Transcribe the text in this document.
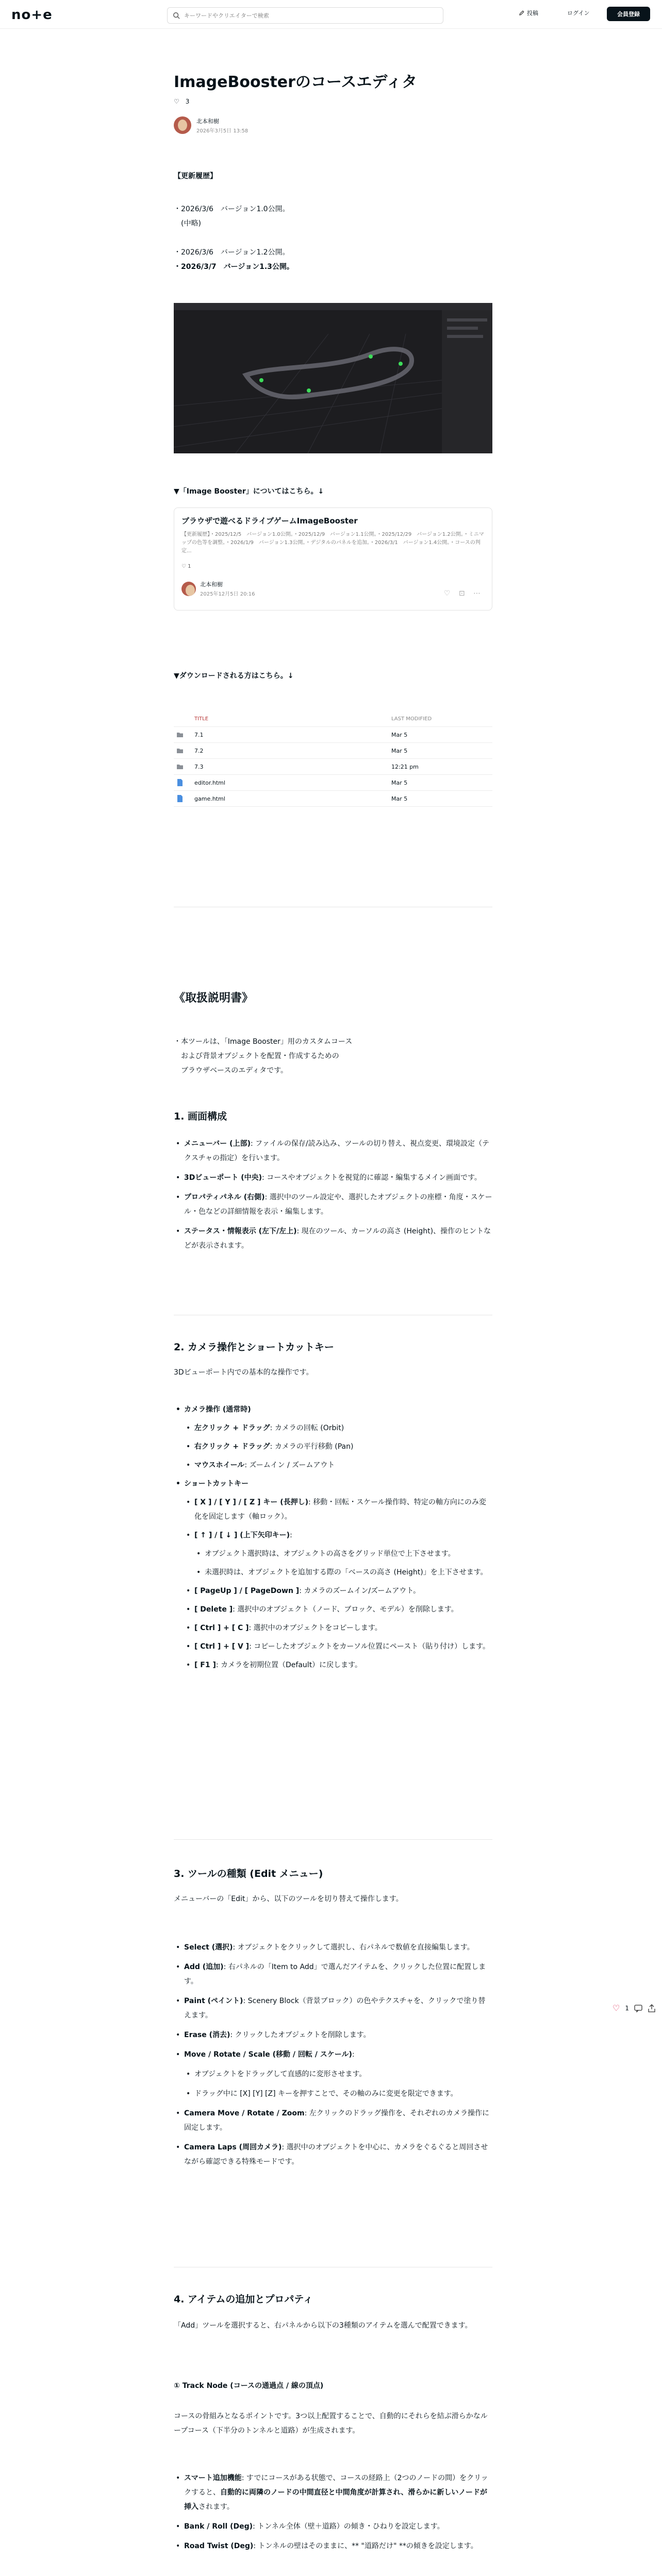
no+e
キーワードやクリエイターで検索	投稿	ログイン	会員登録
ImageBoosterのコースエディタ
♡ 3
北本和樹
2026年3月5日 13:58
【更新履歴】
・2026/3/6　バージョン1.0公開。
　(中略)
・2026/3/6　バージョン1.2公開。
・2026/3/7　バージョン1.3公開。
▼「Image Booster」についてはこちら。↓
ブラウザで遊べるドライブゲームImageBooster
【更新履歴】・2025/12/5　バージョン1.0公開。・2025/12/9　バージョン1.1公開。・2025/12/29　バージョン1.2公開。・ミニマップの色等を調整。・2026/1/9　バージョン1.3公開。・デジタルのパネルを追加。・2026/3/1　バージョン1.4公開。・コースの判定...
♡ 1
北本和樹
2025年12月5日 20:16	♡ ⊡ ⋯
▼ダウンロードされる方はこちら。↓
TITLE	LAST MODIFIED
7.1	Mar 5
7.2	Mar 5
7.3	12:21 pm
editor.html	Mar 5
game.html	Mar 5
《取扱説明書》
・本ツールは、「Image Booster」用のカスタムコース
　および背景オブジェクトを配置・作成するための
　ブラウザベースのエディタです。
1. 画面構成
• メニューバー (上部): ファイルの保存/読み込み、ツールの切り替え、視点変更、環境設定（テクスチャの指定）を行います。
• 3Dビューポート (中央): コースやオブジェクトを視覚的に確認・編集するメイン画面です。
• プロパティパネル (右側): 選択中のツール設定や、選択したオブジェクトの座標・角度・スケール・色などの詳細情報を表示・編集します。
• ステータス・情報表示 (左下/左上): 現在のツール、カーソルの高さ (Height)、操作のヒントなどが表示されます。
2. カメラ操作とショートカットキー
3Dビューポート内での基本的な操作です。
• カメラ操作 (通常時)
• 左クリック + ドラッグ: カメラの回転 (Orbit)
• 右クリック + ドラッグ: カメラの平行移動 (Pan)
• マウスホイール: ズームイン / ズームアウト
• ショートカットキー
• [ X ] / [ Y ] / [ Z ] キー (長押し): 移動・回転・スケール操作時、特定の軸方向にのみ変化を固定します（軸ロック）。
• [ ↑ ] / [ ↓ ] (上下矢印キー):
• オブジェクト選択時は、オブジェクトの高さをグリッド単位で上下させます。
• 未選択時は、オブジェクトを追加する際の「ベースの高さ (Height)」を上下させます。
• [ PageUp ] / [ PageDown ]: カメラのズームイン/ズームアウト。
• [ Delete ]: 選択中のオブジェクト（ノード、ブロック、モデル）を削除します。
• [ Ctrl ] + [ C ]: 選択中のオブジェクトをコピーします。
• [ Ctrl ] + [ V ]: コピーしたオブジェクトをカーソル位置にペースト（貼り付け）します。
• [ F1 ]: カメラを初期位置（Default）に戻します。
3. ツールの種類 (Edit メニュー)
メニューバーの「Edit」から、以下のツールを切り替えて操作します。
• Select (選択): オブジェクトをクリックして選択し、右パネルで数値を直接編集します。
• Add (追加): 右パネルの「Item to Add」で選んだアイテムを、クリックした位置に配置します。
• Paint (ペイント): Scenery Block（背景ブロック）の色やテクスチャを、クリックで塗り替えます。
• Erase (消去): クリックしたオブジェクトを削除します。
• Move / Rotate / Scale (移動 / 回転 / スケール):
• オブジェクトをドラッグして直感的に変形させます。
• ドラッグ中に [X] [Y] [Z] キーを押すことで、その軸のみに変更を限定できます。
• Camera Move / Rotate / Zoom: 左クリックのドラッグ操作を、それぞれのカメラ操作に固定します。
• Camera Laps (周回カメラ): 選択中のオブジェクトを中心に、カメラをぐるぐると周回させながら確認できる特殊モードです。
4. アイテムの追加とプロパティ
「Add」ツールを選択すると、右パネルから以下の3種類のアイテムを選んで配置できます。
① Track Node (コースの通過点 / 線の頂点)
コースの骨組みとなるポイントです。3つ以上配置することで、自動的にそれらを結ぶ滑らかなループコース（下半分のトンネルと道路）が生成されます。
• スマート追加機能: すでにコースがある状態で、コースの経路上（2つのノードの間）をクリックすると、自動的に両隣のノードの中間直径と中間角度が計算され、滑らかに新しいノードが挿入されます。
• Bank / Roll (Deg): トンネル全体（壁＋道路）の傾き・ひねりを設定します。
• Road Twist (Deg): トンネルの壁はそのままに、** "道路だけ" **の傾きを設定します。
♡ 1
